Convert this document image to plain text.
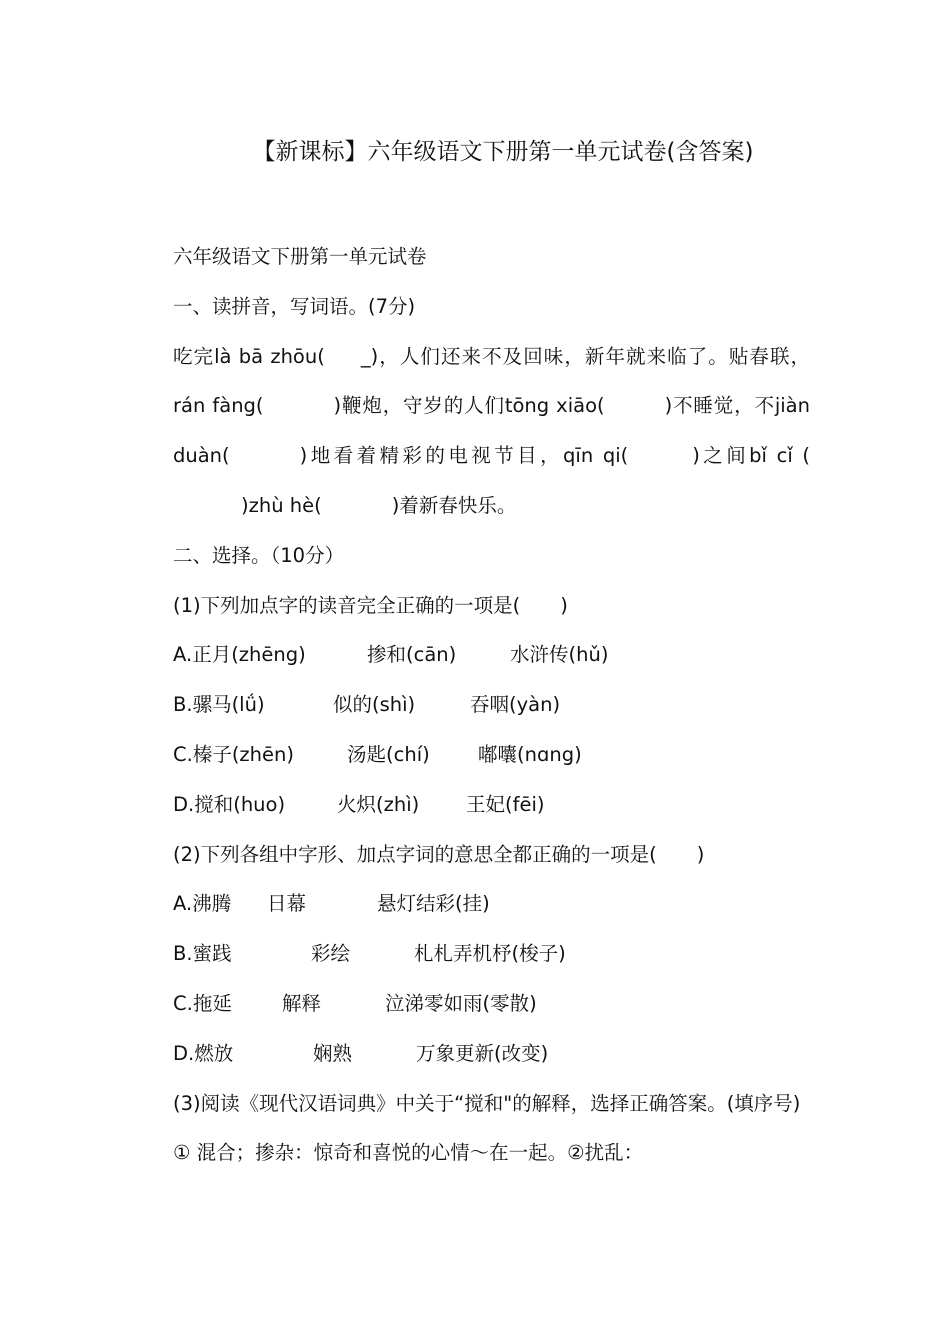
【新课标】六年级语文下册第一单元试卷(含答案)

六年级语文下册第一单元试卷

一、读拼音，写词语。(7分)

吃完là bā zhōu( _)，人们还来不及回味，新年就来临了。贴春联，rán fàng(	)鞭炮，守岁的人们tōng xiāo(	)不睡觉，不jiàn duàn(	)地看着精彩的电视节目，qīn qi(	)之间bǐ cǐ ()zhù hè(	)着新春快乐。

二、选择。（10分）

(1)下列加点字的读音完全正确的一项是( )

A.正月(zhēng)	掺和(cān)	水浒传(hǔ)

B.骡马(lǘ)	似的(shì)	吞咽(yàn)

C.榛子(zhēn)	汤匙(chí) 嘟囔(nɑng)

D.搅和(huo)	火炽(zhì) 王妃(fēi)

(2)下列各组中字形、加点字词的意思全都正确的一项是( )

A.沸腾 日幕	悬灯结彩(挂)

B.蜜践	彩绘	札札弄机杼(梭子)

C.拖延	解释	泣涕零如雨(零散)

D.燃放	娴熟	万象更新(改变)

(3)阅读《现代汉语词典》中关于“搅和"的解释，选择正确答案。(填序号)

① 混合；掺杂：惊奇和喜悦的心情～在一起。②扰乱：
